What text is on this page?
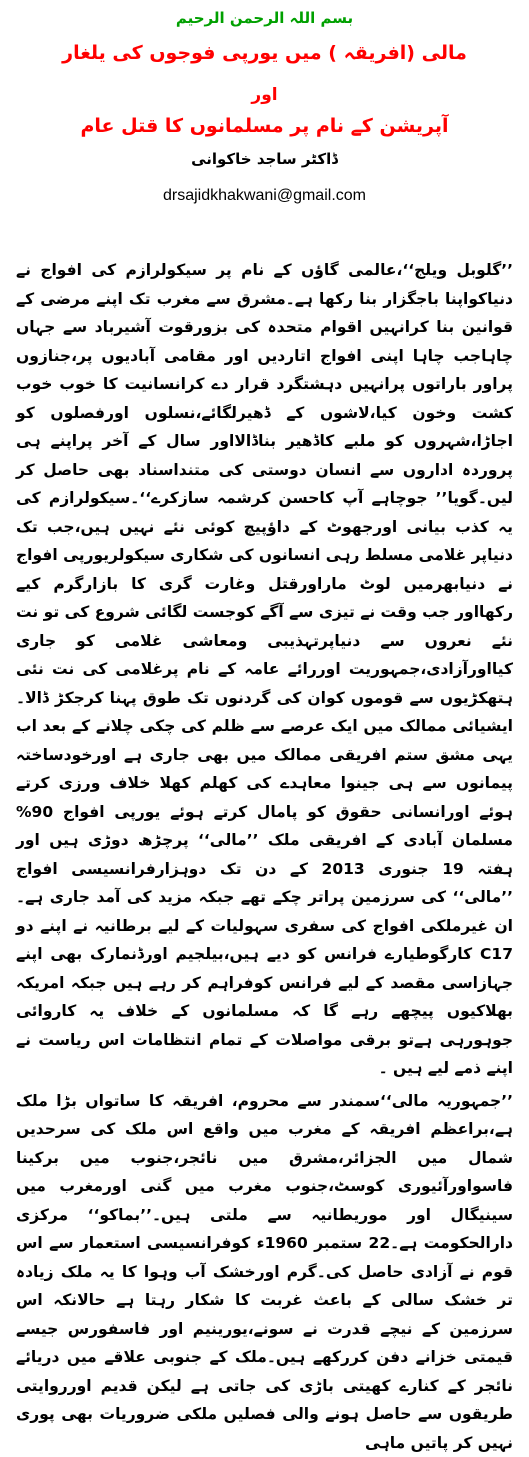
بسم اللہ الرحمن الرحیم
مالی (افریقہ ) میں یورپی فوجوں کی یلغار
اور
آپریشن کے نام پر مسلمانوں کا قتل عام
ڈاکٹر ساجد خاکوانی
drsajidkhakwani@gmail.com

’’گلوبل ویلج‘‘،عالمی گاؤں کے نام پر سیکولرازم کی افواج نے دنیاکواپنا باجگزار بنا رکھا ہے۔مشرق سے مغرب تک اپنے مرضی کے قوانین بنا کرانہیں اقوام متحدہ کی بزورقوت آشیرباد سے جہاں چاہاجب چاہا اپنی افواج اتاردیں اور مقامی آبادیوں پر،جنازوں پراور باراتوں پرانہیں دہشتگرد قرار دے کرانسانیت کا خوب خوب کشت وخون کیا،لاشوں کے ڈھیرلگائے،نسلوں اورفصلوں کو اجاڑا،شہروں کو ملبے کاڈھیر بناڈالااور سال کے آخر پراپنے ہی پروردہ اداروں سے انسان دوستی کی متنداسناد بھی حاصل کر لیں۔گویا’’ جوچاہے آپ کاحسن کرشمہ سازکرے‘‘۔سیکولرازم کی یہ کذب بیانی اورجھوٹ کے داؤپیچ کوئی نئے نہیں ہیں،جب تک دنیاپر غلامی مسلط رہی انسانوں کی شکاری سیکولریورپی افواج نے دنیابھرمیں لوٹ ماراورقتل وغارت گری کا بازارگرم کیے رکھااور جب وقت نے تیزی سے آگے کوجست لگائی شروع کی تو نت نئے نعروں سے دنیاپرتہذیبی ومعاشی غلامی کو جاری کیااورآزادی،جمہوریت اوررائے عامہ کے نام پرغلامی کی نت نئی ہتھکڑیوں سے قوموں کوان کی گردنوں تک طوق پہنا کرجکڑ ڈالا۔ایشیائی ممالک میں ایک عرصے سے ظلم کی چکی چلانے کے بعد اب یہی مشق ستم افریقی ممالک میں بھی جاری ہے اورخودساختہ پیمانوں سے ہی جینوا معاہدے کی کھلم کھلا خلاف ورزی کرتے ہوئے اورانسانی حقوق کو پامال کرتے ہوئے یورپی افواج 90% مسلمان آبادی کے افریقی ملک ’’مالی‘‘ پرچڑھ دوڑی ہیں اور ہفتہ 19 جنوری 2013 کے دن تک دوہزارفرانسیسی افواج ’’مالی‘‘ کی سرزمین پراتر چکے تھے جبکہ مزید کی آمد جاری ہے۔ان غیرملکی افواج کی سفری سہولیات کے لیے برطانیہ نے اپنے دو C17 کارگوطیارے فرانس کو دیے ہیں،بیلجیم اورڈنمارک بھی اپنے جہازاسی مقصد کے لیے فرانس کوفراہم کر رہے ہیں جبکہ امریکہ بھلاکیوں پیچھے رہے گا کہ مسلمانوں کے خلاف یہ کاروائی جوہورہی ہےتو برقی مواصلات کے تمام انتظامات اس ریاست نے اپنے ذمے لیے ہیں ۔

’’جمہوریہ مالی‘‘سمندر سے محروم، افریقہ کا ساتواں بڑا ملک ہے،براعظم افریقہ کے مغرب میں واقع اس ملک کی سرحدیں شمال میں الجزائر،مشرق میں نائجر،جنوب میں برکینا فاسواورآئیوری کوسٹ،جنوب مغرب میں گنی اورمغرب میں سینیگال اور موریطانیہ سے ملتی ہیں۔’’بماکو‘‘ مرکزی دارالحکومت ہے۔22 ستمبر 1960ء کوفرانسیسی استعمار سے اس قوم نے آزادی حاصل کی۔گرم اورخشک آب وہوا کا یہ ملک زیادہ تر خشک سالی کے باعث غربت کا شکار رہتا ہے حالانکہ اس سرزمین کے نیچے قدرت نے سونے،یورینیم اور فاسفورس جیسے قیمتی خزانے دفن کررکھے ہیں۔ملک کے جنوبی علاقے میں دریائے نائجر کے کنارے کھیتی باڑی کی جاتی ہے لیکن قدیم اورروایتی طریقوں سے حاصل ہونے والی فصلیں ملکی ضروریات بھی پوری نہیں کر پاتیں ماہی
